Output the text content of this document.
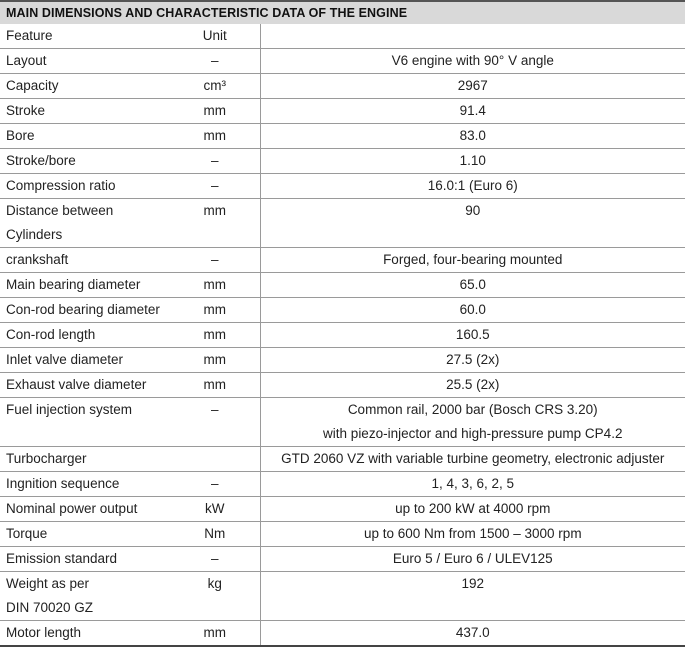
MAIN DIMENSIONS AND CHARACTERISTIC DATA OF THE ENGINE
Feature	Unit	
Layout	–	V6 engine with 90° V angle
Capacity	cm³	2967
Stroke	mm	91.4
Bore	mm	83.0
Stroke/bore	–	1.10
Compression ratio	–	16.0:1 (Euro 6)

Distance between
Cylinders	mm	90
crankshaft	–	Forged, four-bearing mounted
Main bearing diameter	mm	65.0
Con-rod bearing diameter	mm	60.0
Con-rod length	mm	160.5
Inlet valve diameter	mm	27.5 (2x)
Exhaust valve diameter	mm	25.5 (2x)
Fuel injection system	–	Common rail, 2000 bar (Bosch CRS 3.20)
with piezo-injector and high-pressure pump CP4.2

Turbocharger		GTD 2060 VZ with variable turbine geometry, electronic adjuster
Ingnition sequence	–	1, 4, 3, 6, 2, 5
Nominal power output	kW	up to 200 kW at 4000 rpm
Torque	Nm	up to 600 Nm from 1500 – 3000 rpm
Emission standard	–	Euro 5 / Euro 6 / ULEV125

Weight as per
DIN 70020 GZ	kg	192
Motor length	mm	437.0
